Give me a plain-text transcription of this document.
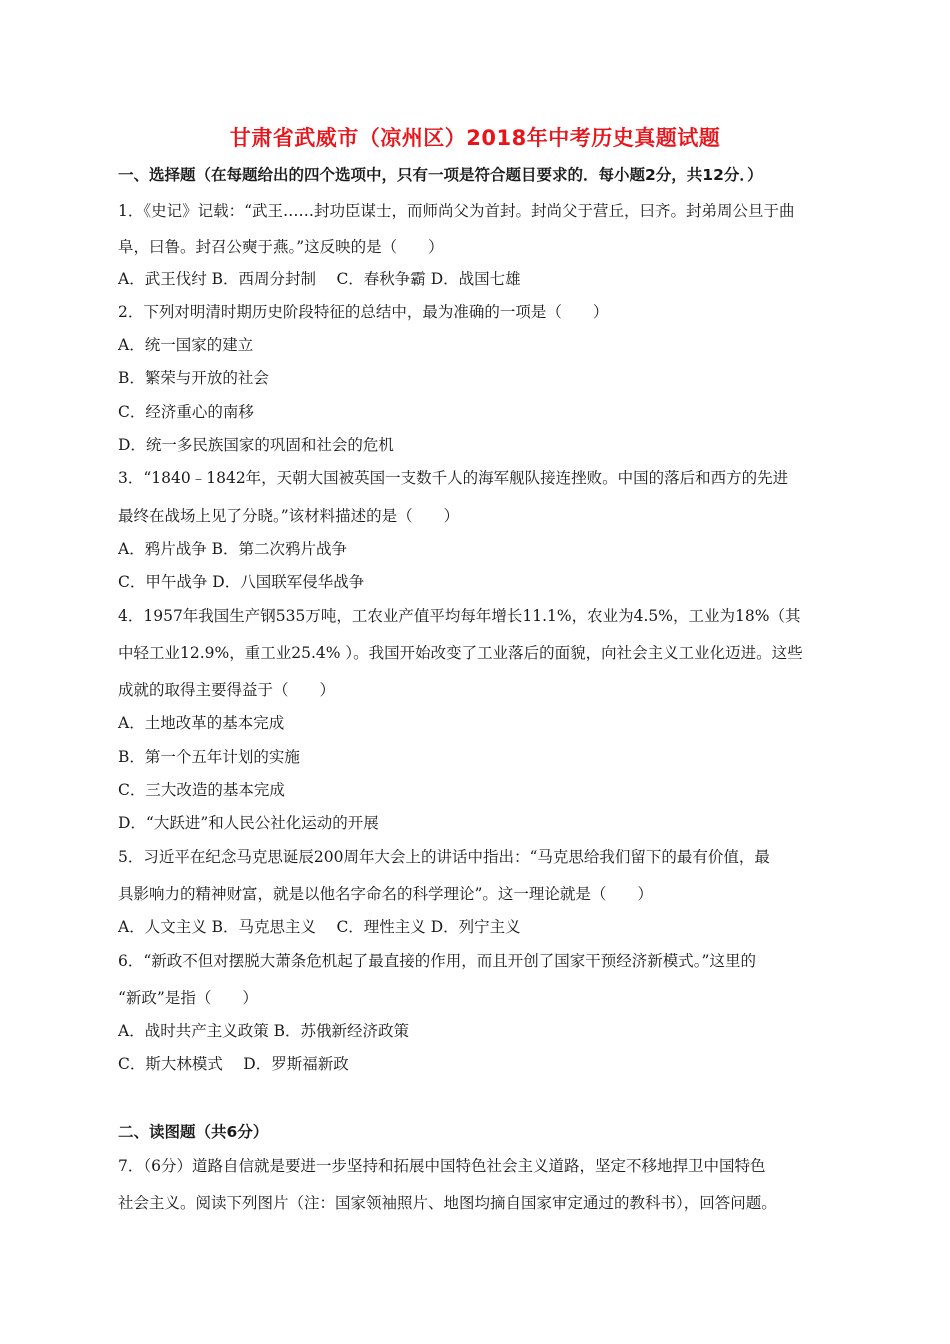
甘肃省武威市（凉州区）2018年中考历史真题试题
一、选择题（在每题给出的四个选项中，只有一项是符合题目要求的．每小题2分，共12分．）
1．《史记》记载：“武王……封功臣谋士，而师尚父为首封。封尚父于营丘，曰齐。封弟周公旦于曲
阜，曰鲁。封召公奭于燕。”这反映的是（　　）
A．武王伐纣 B．西周分封制　 C．春秋争霸 D．战国七雄
2．下列对明清时期历史阶段特征的总结中，最为准确的一项是（　　）
A．统一国家的建立
B．繁荣与开放的社会
C．经济重心的南移
D．统一多民族国家的巩固和社会的危机
3．“1840﹣1842年，天朝大国被英国一支数千人的海军舰队接连挫败。中国的落后和西方的先进
最终在战场上见了分晓。”该材料描述的是（　　）
A．鸦片战争 B．第二次鸦片战争
C．甲午战争 D．八国联军侵华战争
4．1957年我国生产钢535万吨，工农业产值平均每年增长11.1%，农业为4.5%，工业为18%（其
中轻工业12.9%，重工业25.4% ）。我国开始改变了工业落后的面貌，向社会主义工业化迈进。这些
成就的取得主要得益于（　　）
A．土地改革的基本完成
B．第一个五年计划的实施
C．三大改造的基本完成
D．“大跃进”和人民公社化运动的开展
5．习近平在纪念马克思诞辰200周年大会上的讲话中指出：“马克思给我们留下的最有价值，最
具影响力的精神财富，就是以他名字命名的科学理论”。这一理论就是（　　）
A．人文主义 B．马克思主义　 C．理性主义 D．列宁主义
6．“新政不但对摆脱大萧条危机起了最直接的作用，而且开创了国家干预经济新模式。”这里的
“新政”是指（　　）
A．战时共产主义政策 B．苏俄新经济政策
C．斯大林模式　 D．罗斯福新政
二、读图题（共6分）
7．（6分）道路自信就是要进一步坚持和拓展中国特色社会主义道路，坚定不移地捍卫中国特色
社会主义。阅读下列图片（注：国家领袖照片、地图均摘自国家审定通过的教科书），回答问题。
